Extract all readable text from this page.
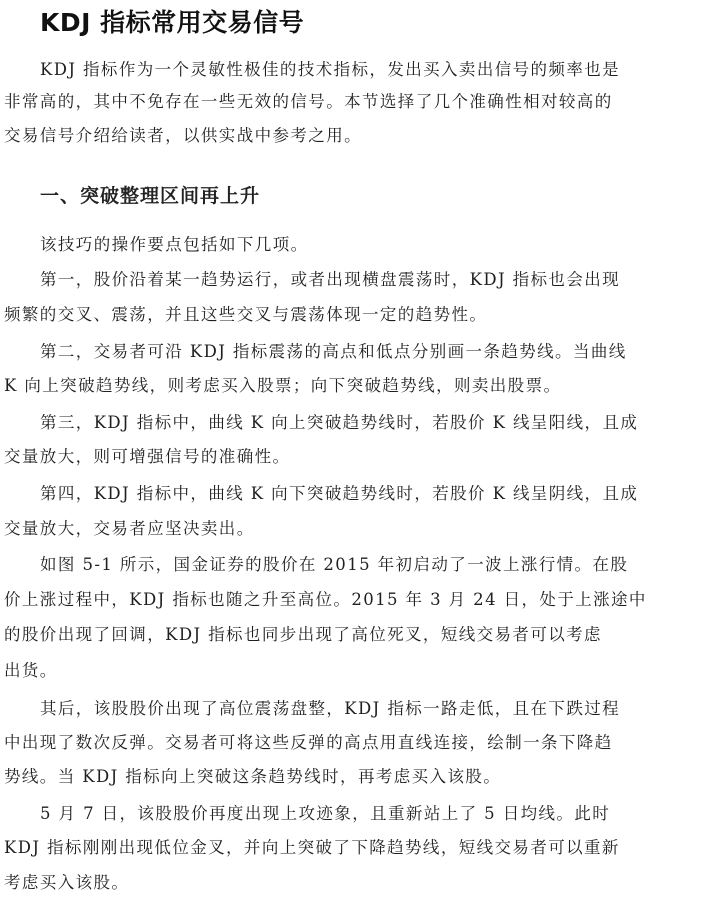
KDJ 指标常用交易信号
KDJ 指标作为一个灵敏性极佳的技术指标，发出买入卖出信号的频率也是
非常高的，其中不免存在一些无效的信号。本节选择了几个准确性相对较高的
交易信号介绍给读者，以供实战中参考之用。
一、突破整理区间再上升
该技巧的操作要点包括如下几项。
第一，股价沿着某一趋势运行，或者出现横盘震荡时，KDJ 指标也会出现
频繁的交叉、震荡，并且这些交叉与震荡体现一定的趋势性。
第二，交易者可沿 KDJ 指标震荡的高点和低点分别画一条趋势线。当曲线
K 向上突破趋势线，则考虑买入股票；向下突破趋势线，则卖出股票。
第三，KDJ 指标中，曲线 K 向上突破趋势线时，若股价 K 线呈阳线，且成
交量放大，则可增强信号的准确性。
第四，KDJ 指标中，曲线 K 向下突破趋势线时，若股价 K 线呈阴线，且成
交量放大，交易者应坚决卖出。
如图 5-1 所示，国金证券的股价在 2015 年初启动了一波上涨行情。在股
价上涨过程中，KDJ 指标也随之升至高位。2015 年 3 月 24 日，处于上涨途中
的股价出现了回调，KDJ 指标也同步出现了高位死叉，短线交易者可以考虑
出货。
其后，该股股价出现了高位震荡盘整，KDJ 指标一路走低，且在下跌过程
中出现了数次反弹。交易者可将这些反弹的高点用直线连接，绘制一条下降趋
势线。当 KDJ 指标向上突破这条趋势线时，再考虑买入该股。
5 月 7 日，该股股价再度出现上攻迹象，且重新站上了 5 日均线。此时
KDJ 指标刚刚出现低位金叉，并向上突破了下降趋势线，短线交易者可以重新
考虑买入该股。
